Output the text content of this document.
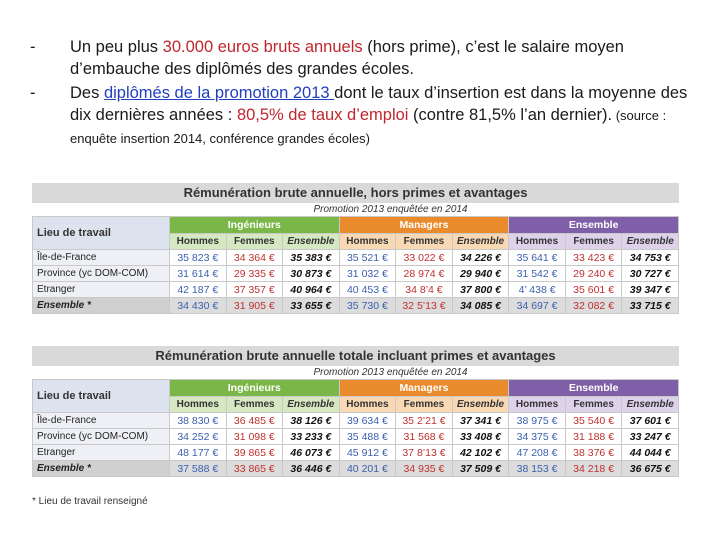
-	Un peu plus 30.000 euros bruts annuels (hors prime), c’est le salaire moyen d’embauche des diplômés des grandes écoles.
-	Des diplômés de la promotion 2013 dont le taux d’insertion est dans la moyenne des dix dernières années : 80,5% de taux d’emploi (contre 81,5% l’an dernier). (source : enquête insertion 2014, conférence grandes écoles)
Rémunération brute annuelle, hors primes et avantages
Promotion 2013 enquêtée en 2014
Lieu de travail	Ingénieurs			Managers			Ensemble		
	Hommes	Femmes	Ensemble	Hommes	Femmes	Ensemble	Hommes	Femmes	Ensemble
Île-de-France	35 823 €	34 364 €	35 383 €	35 521 €	33 022 €	34 226 €	35 641 €	33 423 €	34 753 €
Province (yc DOM-COM)	31 614 €	29 335 €	30 873 €	31 032 €	28 974 €	29 940 €	31 542 €	29 240 €	30 727 €
Etranger	42 187 €	37 357 €	40 964 €	40 453 €	34 8’4 €	37 800 €	4’ 438 €	35 601 €	39 347 €
Ensemble *	34 430 €	31 905 €	33 655 €	35 730 €	32 5’13 €	34 085 €	34 697 €	32 082 €	33 715 €
Rémunération brute annuelle totale incluant primes et avantages
Promotion 2013 enquêtée en 2014
Lieu de travail	Ingénieurs			Managers			Ensemble		
	Hommes	Femmes	Ensemble	Hommes	Femmes	Ensemble	Hommes	Femmes	Ensemble
Île-de-France	38 830 €	36 485 €	38 126 €	39 634 €	35 2’21 €	37 341 €	38 975 €	35 540 €	37 601 €
Province (yc DOM-COM)	34 252 €	31 098 €	33 233 €	35 488 €	31 568 €	33 408 €	34 375 €	31 188 €	33 247 €
Etranger	48 177 €	39 865 €	46 073 €	45 912 €	37 8’13 €	42 102 €	47 208 €	38 376 €	44 044 €
Ensemble *	37 588 €	33 865 €	36 446 €	40 201 €	34 935 €	37 509 €	38 153 €	34 218 €	36 675 €
* Lieu de travail renseigné
